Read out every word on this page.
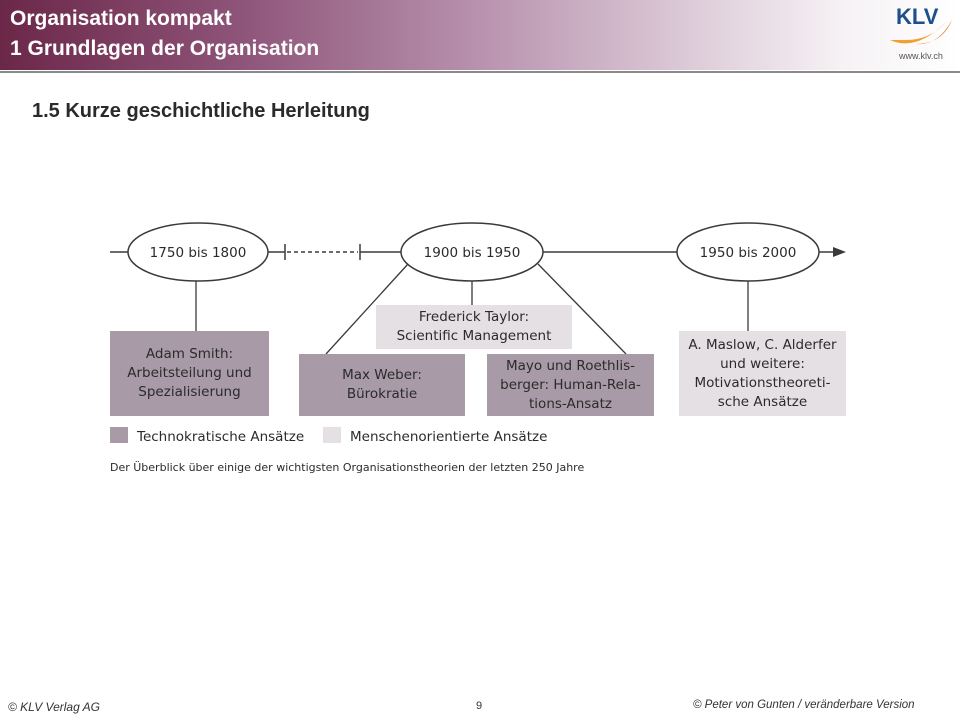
Organisation kompakt
1 Grundlagen der Organisation
KLV
www.klv.ch
1.5 Kurze geschichtliche Herleitung
1750 bis 1800	1900 bis 1950	1950 bis 2000
Adam Smith:
Arbeitsteilung und
Spezialisierung
Frederick Taylor:
Scientific Management
Max Weber:
Bürokratie
Mayo und Roethlis-
berger: Human-Rela-
tions-Ansatz
A. Maslow, C. Alderfer
und weitere:
Motivationstheoreti-
sche Ansätze
Technokratische Ansätze	Menschenorientierte Ansätze
Der Überblick über einige der wichtigsten Organisationstheorien der letzten 250 Jahre
© KLV Verlag AG	9	© Peter von Gunten / veränderbare Version
